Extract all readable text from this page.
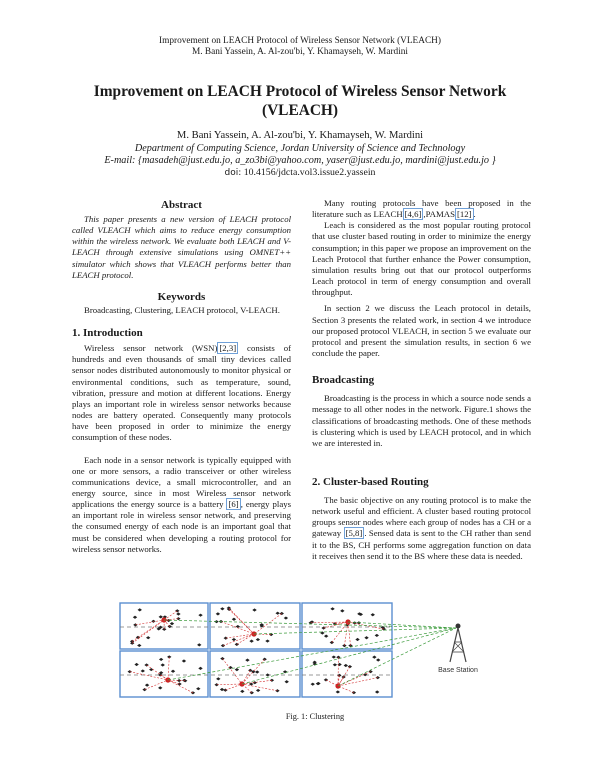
Improvement on LEACH Protocol of Wireless Sensor Network (VLEACH)
M. Bani Yassein, A. Al-zou'bi, Y. Khamayseh, W. Mardini
Improvement on LEACH Protocol of Wireless Sensor Network
(VLEACH)
M. Bani Yassein, A. Al-zou'bi, Y. Khamayseh, W. Mardini
Department of Computing Science, Jordan University of Science and Technology
E-mail: {masadeh@just.edu.jo, a_zo3bi@yahoo.com, yaser@just.edu.jo, mardini@just.edu.jo }
doi: 10.4156/jdcta.vol3.issue2.yassein
Abstract

This paper presents a new version of LEACH protocol called VLEACH which aims to reduce energy consumption within the wireless network. We evaluate both LEACH and V-LEACH through extensive simulations using OMNET++ simulator which shows that VLEACH performs better than LEACH protocol.

Keywords

Broadcasting, Clustering, LEACH protocol, V-LEACH.

1. Introduction

Wireless sensor network (WSN) [2,3] consists of hundreds and even thousands of small tiny devices called sensor nodes distributed autonomously to monitor physical or environmental conditions, such as temperature, sound, vibration, pressure and motion at different locations. Energy plays an important role in wireless sensor networks because nodes are battery operated. Consequently many protocols have been proposed in order to minimize the energy consumption of these nodes.

Each node in a sensor network is typically equipped with one or more sensors, a radio transceiver or other wireless communications device, a small microcontroller, and an energy source, since in most Wireless sensor network applications the energy source is a battery [6] , energy plays an important role in wireless sensor network, and preserving the consumed energy of each node is an important goal that must be considered when developing a routing protocol for wireless sensor networks.

Many routing protocols have been proposed in the literature such as LEACH [4,6] ,PAMAS [12] .

Leach is considered as the most popular routing protocol that use cluster based routing in order to minimize the energy consumption; in this paper we propose an improvement on the Leach Protocol that further enhance the Power consumption, simulation results bring out that our protocol outperforms Leach protocol in term of energy consumption and overall throughput.

In section 2 we discuss the Leach protocol in details, Section 3 presents the related work, in section 4 we introduce our proposed protocol VLEACH, in section 5 we evaluate our protocol and present the simulation results, in section 6 we conclude the paper.

Broadcasting

Broadcasting is the process in which a source node sends a message to all other nodes in the network. Figure.1 shows the classifications of broadcasting methods. One of these methods is clustering which is used by LEACH protocol, and in which we are interested in.

2. Cluster-based Routing

The basic objective on any routing protocol is to make the network useful and efficient. A cluster based routing protocol groups sensor nodes where each group of nodes has a CH or a gateway [5,8] . Sensed data is sent to the CH rather than send it to the BS, CH performs some aggregation function on data it receives then send it to the BS where these data is needed.

Base Station
Fig. 1: Clustering
